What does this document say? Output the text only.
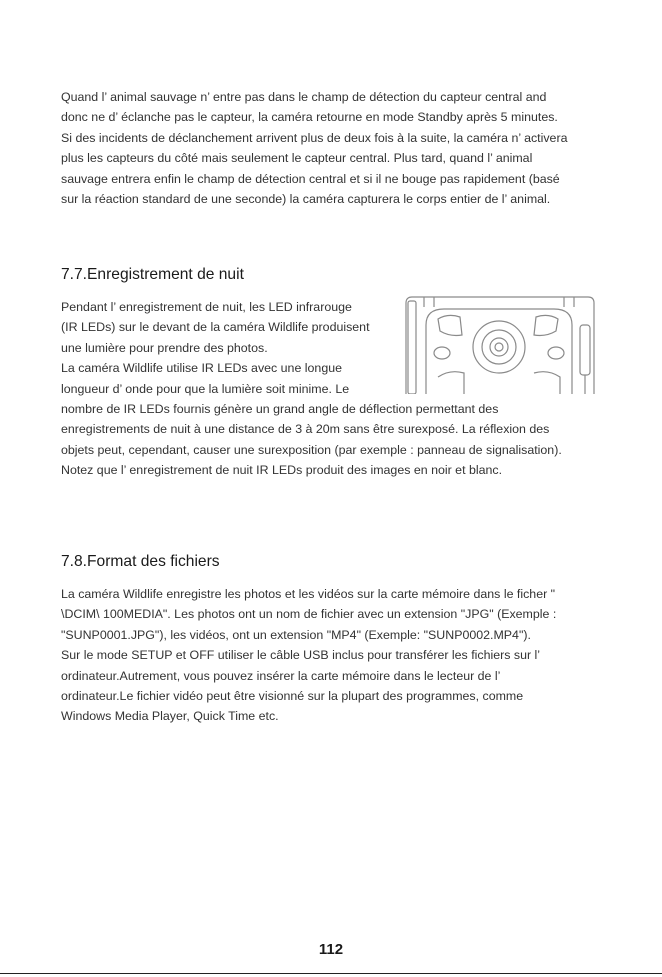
Quand l’ animal sauvage n’ entre pas dans le champ de détection du capteur central and
donc ne d’ éclanche pas le capteur, la caméra retourne en mode Standby après 5 minutes.
Si des incidents de déclanchement arrivent plus de deux fois à la suite, la caméra n’ activera
plus les capteurs du côté mais seulement le capteur central. Plus tard, quand l’ animal
sauvage entrera enfin le champ de détection central et si il ne bouge pas rapidement (basé
sur la réaction standard de une seconde) la caméra capturera le corps entier de l’ animal.

7.7.Enregistrement de nuit

Pendant l’ enregistrement de nuit, les LED infrarouge
(IR LEDs) sur le devant de la caméra Wildlife produisent
une lumière pour prendre des photos.
La caméra Wildlife utilise IR LEDs avec une longue
longueur d’ onde pour que la lumière soit minime. Le
nombre de IR LEDs fournis génère un grand angle de déflection permettant des
enregistrements de nuit à une distance de 3 à 20m sans être surexposé. La réflexion des
objets peut, cependant, causer une surexposition (par exemple : panneau de signalisation).
Notez que l’ enregistrement de nuit IR LEDs produit des images en noir et blanc.

7.8.Format des fichiers

La caméra Wildlife enregistre les photos et les vidéos sur la carte mémoire dans le ficher "
\DCIM\ 100MEDIA". Les photos ont un nom de fichier avec un extension "JPG" (Exemple :
"SUNP0001.JPG"), les vidéos, ont un extension "MP4" (Exemple: "SUNP0002.MP4").
Sur le mode SETUP et OFF utiliser le câble USB inclus pour transférer les fichiers sur l’
ordinateur.Autrement, vous pouvez insérer la carte mémoire dans le lecteur de l’
ordinateur.Le fichier vidéo peut être visionné sur la plupart des programmes, comme
Windows Media Player, Quick Time etc.

112
